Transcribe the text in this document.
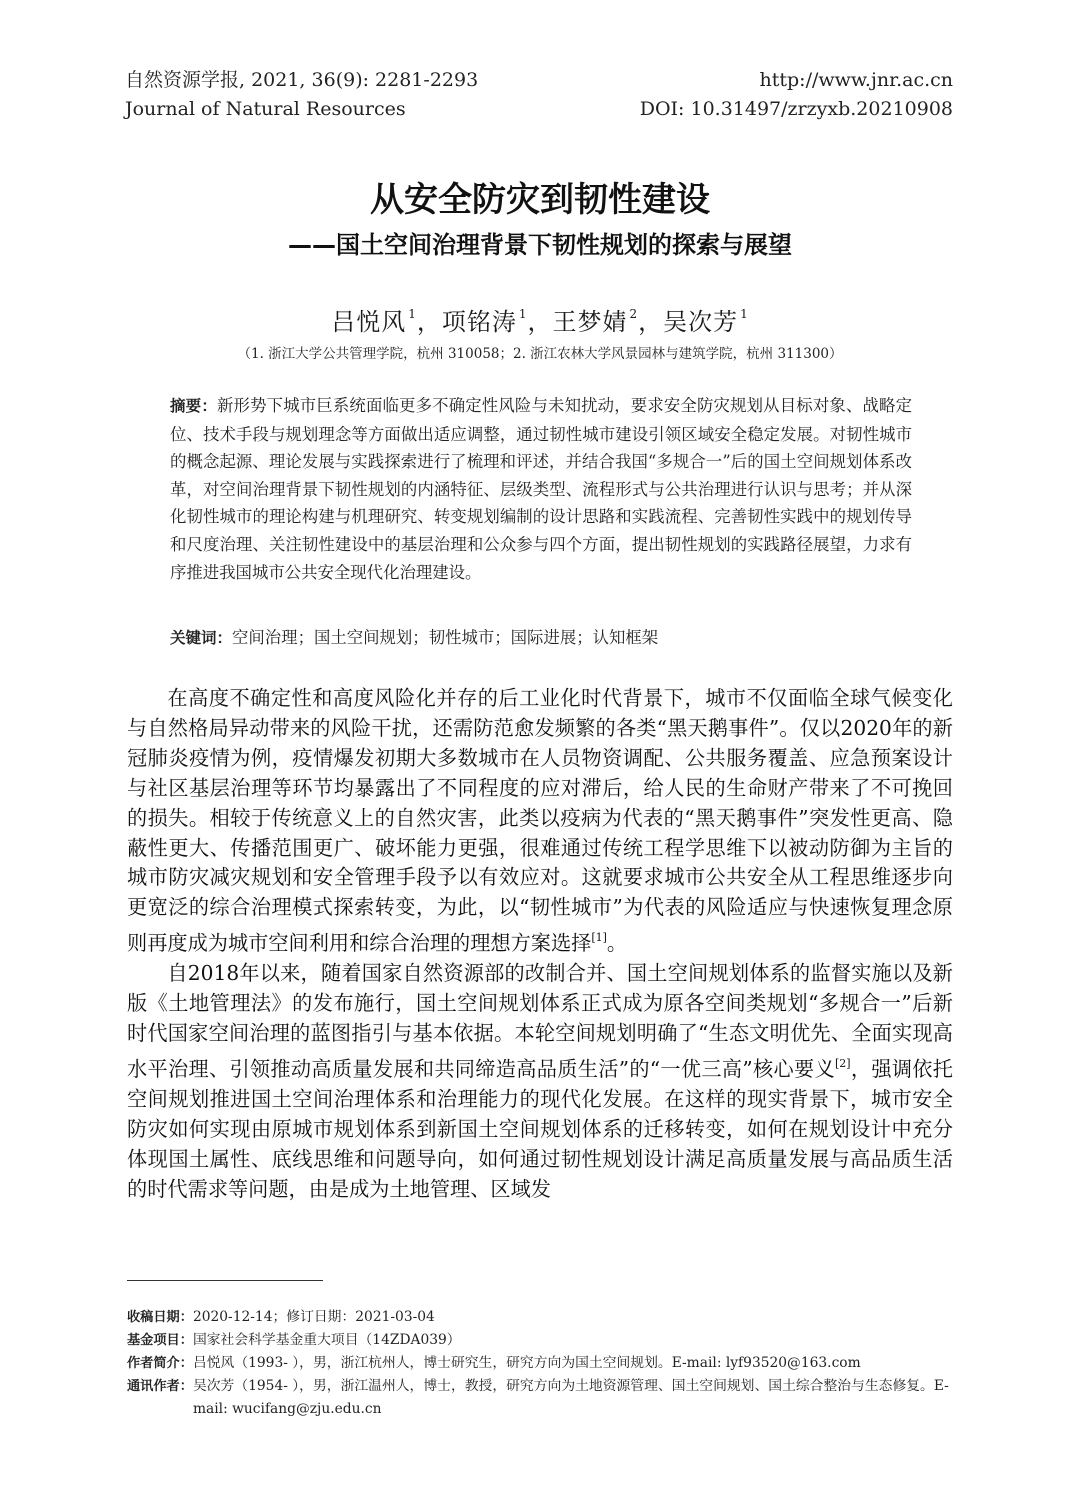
自然资源学报, 2021, 36(9): 2281-2293	http://www.jnr.ac.cn
Journal of Natural Resources	DOI: 10.31497/zrzyxb.20210908
从安全防灾到韧性建设
——国土空间治理背景下韧性规划的探索与展望
吕悦风 $^1$，项铭涛 $^1$，王梦婧 $^2$，吴次芳 $^1$
（1. 浙江大学公共管理学院，杭州 310058；2. 浙江农林大学风景园林与建筑学院，杭州 311300）
摘要：新形势下城市巨系统面临更多不确定性风险与未知扰动，要求安全防灾规划从目标对象、战略定位、技术手段与规划理念等方面做出适应调整，通过韧性城市建设引领区域安全稳定发展。对韧性城市的概念起源、理论发展与实践探索进行了梳理和评述，并结合我国“多规合一”后的国土空间规划体系改革，对空间治理背景下韧性规划的内涵特征、层级类型、流程形式与公共治理进行认识与思考；并从深化韧性城市的理论构建与机理研究、转变规划编制的设计思路和实践流程、完善韧性实践中的规划传导和尺度治理、关注韧性建设中的基层治理和公众参与四个方面，提出韧性规划的实践路径展望，力求有序推进我国城市公共安全现代化治理建设。
关键词：空间治理；国土空间规划；韧性城市；国际进展；认知框架

在高度不确定性和高度风险化并存的后工业化时代背景下，城市不仅面临全球气候变化与自然格局异动带来的风险干扰，还需防范愈发频繁的各类“黑天鹅事件”。仅以2020年的新冠肺炎疫情为例，疫情爆发初期大多数城市在人员物资调配、公共服务覆盖、应急预案设计与社区基层治理等环节均暴露出了不同程度的应对滞后，给人民的生命财产带来了不可挽回的损失。相较于传统意义上的自然灾害，此类以疫病为代表的“黑天鹅事件”突发性更高、隐蔽性更大、传播范围更广、破坏能力更强，很难通过传统工程学思维下以被动防御为主旨的城市防灾减灾规划和安全管理手段予以有效应对。这就要求城市公共安全从工程思维逐步向更宽泛的综合治理模式探索转变，为此，以“韧性城市”为代表的风险适应与快速恢复理念原则再度成为城市空间利用和综合治理的理想方案选择[1]。

自2018年以来，随着国家自然资源部的改制合并、国土空间规划体系的监督实施以及新版《土地管理法》的发布施行，国土空间规划体系正式成为原各空间类规划“多规合一”后新时代国家空间治理的蓝图指引与基本依据。本轮空间规划明确了“生态文明优先、全面实现高水平治理、引领推动高质量发展和共同缔造高品质生活”的“一优三高”核心要义[2]，强调依托空间规划推进国土空间治理体系和治理能力的现代化发展。在这样的现实背景下，城市安全防灾如何实现由原城市规划体系到新国土空间规划体系的迁移转变，如何在规划设计中充分体现国土属性、底线思维和问题导向，如何通过韧性规划设计满足高质量发展与高品质生活的时代需求等问题，由是成为土地管理、区域发

收稿日期： 2020-12-14；修订日期：2021-03-04
基金项目： 国家社会科学基金重大项目（14ZDA039）
作者简介： 吕悦风（1993- ），男，浙江杭州人，博士研究生，研究方向为国土空间规划。E-mail: lyf93520@163.com
通讯作者： 吴次芳（1954- ），男，浙江温州人，博士，教授，研究方向为土地资源管理、国土空间规划、国土综合整治与生态修复。E-mail: wucifang@zju.edu.cn
